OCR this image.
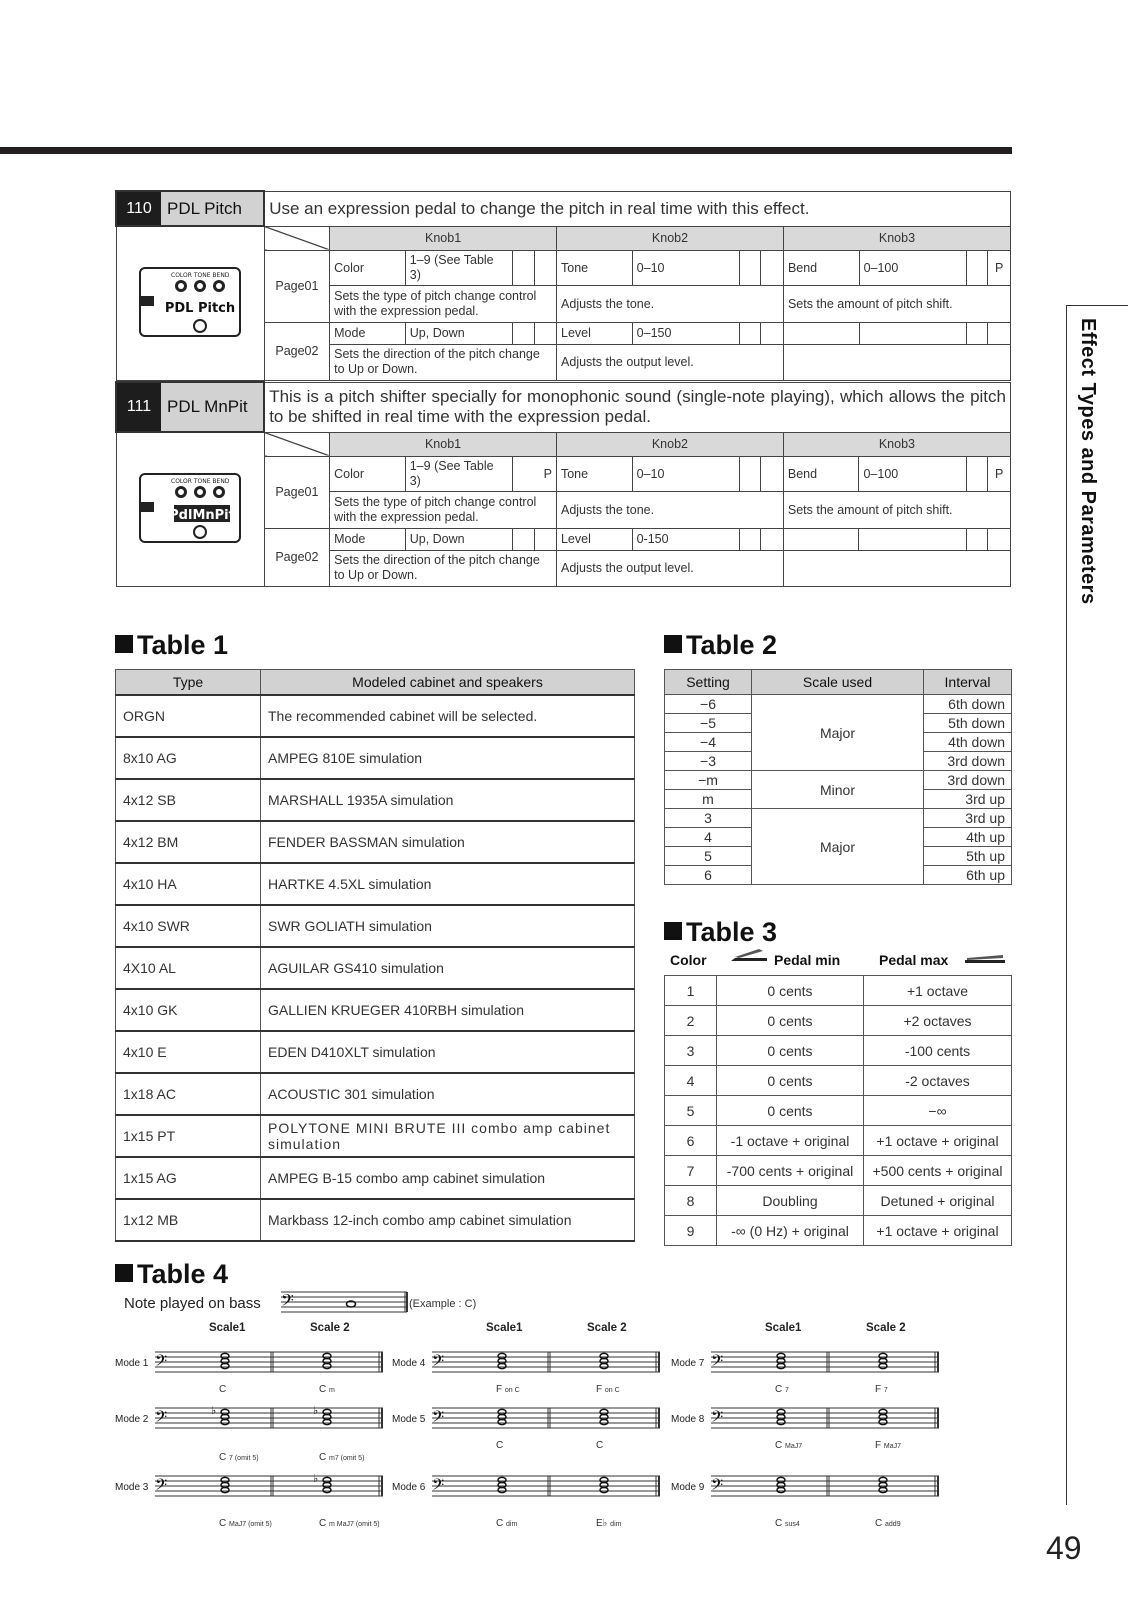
Effect Types and Parameters
49
110 PDL Pitch	Use an expression pedal to change the pitch in real time with this effect.												

COLOR TONE BEND
PDL Pitch		Knob1				Knob2				Knob3			
	Page01	Color	1–9 (See Table 3)			Tone	0–10			Bend	0–100		P
		Sets the type of pitch change control with the expression pedal.				Adjusts the tone.				Sets the amount of pitch shift.			
	Page02	Mode	Up, Down			Level	0–150						
		Sets the direction of the pitch change to Up or Down.				Adjusts the output level.							
111 PDL MnPit	This is a pitch shifter specially for monophonic sound (single-note playing), which allows the pitch to be shifted in real time with the expression pedal.												

COLOR TONE BEND
PdlMnPit		Knob1				Knob2				Knob3			
	Page01	Color	1–9 (See Table 3)	P		Tone	0–10			Bend	0–100		P
		Sets the type of pitch change control with the expression pedal.				Adjusts the tone.				Sets the amount of pitch shift.			
	Page02	Mode	Up, Down			Level	0-150						
		Sets the direction of the pitch change to Up or Down.				Adjusts the output level.							
Table 1
Type	Modeled cabinet and speakers
ORGN	The recommended cabinet will be selected.
8x10 AG	AMPEG 810E simulation
4x12 SB	MARSHALL 1935A simulation
4x12 BM	FENDER BASSMAN simulation
4x10 HA	HARTKE 4.5XL simulation
4x10 SWR	SWR GOLIATH simulation
4X10 AL	AGUILAR GS410 simulation
4x10 GK	GALLIEN KRUEGER 410RBH simulation
4x10 E	EDEN D410XLT simulation
1x18 AC	ACOUSTIC 301 simulation
1x15 PT	POLYTONE MINI BRUTE III combo amp cabinet simulation
1x15 AG	AMPEG B-15 combo amp cabinet simulation
1x12 MB	Markbass 12-inch combo amp cabinet simulation
Table 2
Setting	Scale used	Interval
−6	Major	6th down
−5		5th down
−4		4th down
−3		3rd down
−m	Minor	3rd down
m		3rd up
3	Major	3rd up
4		4th up
5		5th up
6		6th up
Table 3
Color	Pedal min	Pedal max
1	0 cents	+1 octave
2	0 cents	+2 octaves
3	0 cents	-100 cents
4	0 cents	-2 octaves
5	0 cents	−∞
6	-1 octave + original	+1 octave + original
7	-700 cents + original	+500 cents + original
8	Doubling	Detuned + original
9	-∞ (0 Hz) + original	+1 octave + original
Table 4
Note played on bass 𝄢	(Example : C)
Scale1	Scale 2	Scale1	Scale 2	Scale1	Scale 2
Mode 1 𝄢
C	C m
Mode 2 𝄢	♭	♭
C 7 (omit 5)	C m7 (omit 5)
Mode 3 𝄢	♭
C MaJ7 (omit 5)	C m MaJ7 (omit 5)
Mode 4 𝄢
F on C	F on C
Mode 5 𝄢
C	C
Mode 6 𝄢
C dim	E♭ dim
Mode 7 𝄢
C 7	F 7
Mode 8 𝄢
C MaJ7	F MaJ7
Mode 9 𝄢
C sus4	C add9
